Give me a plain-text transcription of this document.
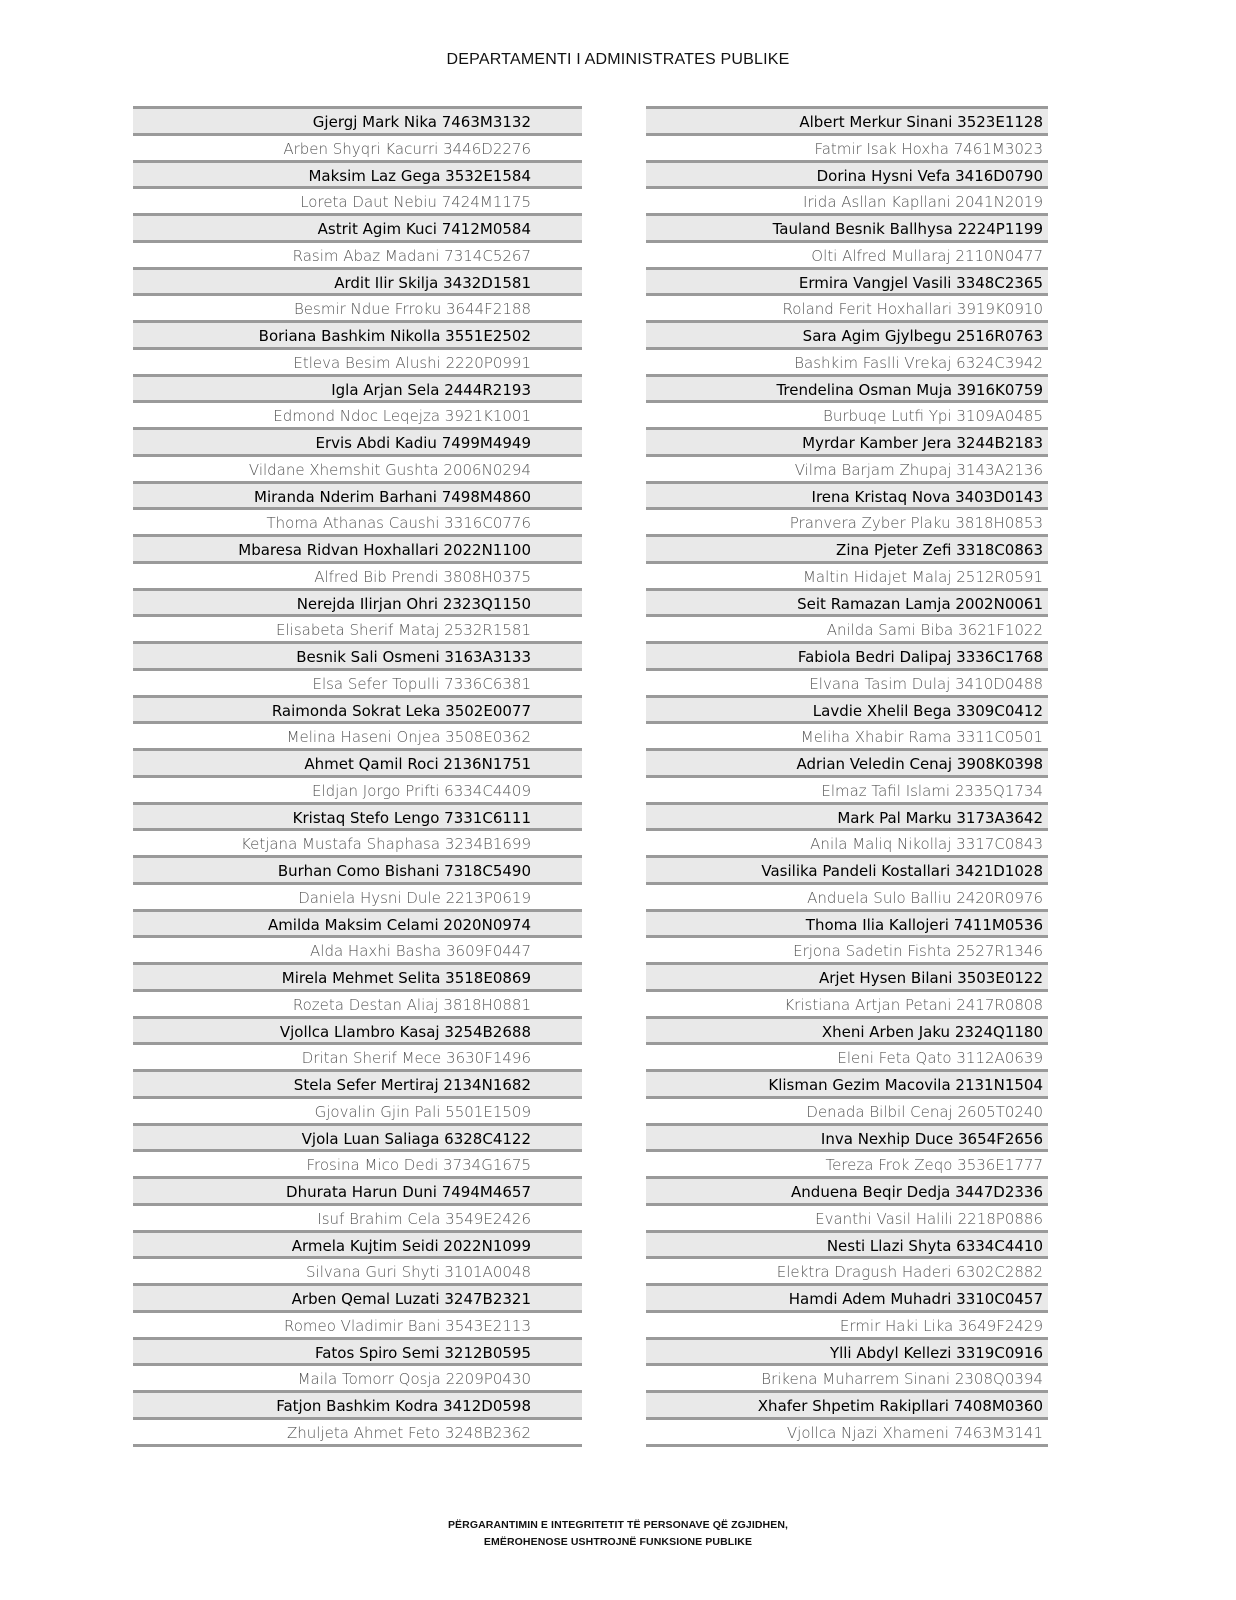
DEPARTAMENTI I ADMINISTRATES PUBLIKE
Gjergj Mark Nika 7463M3132
Arben Shyqri Kacurri 3446D2276
Maksim Laz Gega 3532E1584
Loreta Daut Nebiu 7424M1175
Astrit Agim Kuci 7412M0584
Rasim Abaz Madani 7314C5267
Ardit Ilir Skilja 3432D1581
Besmir Ndue Frroku 3644F2188
Boriana Bashkim Nikolla 3551E2502
Etleva Besim Alushi 2220P0991
Igla Arjan Sela 2444R2193
Edmond Ndoc Leqejza 3921K1001
Ervis Abdi Kadiu 7499M4949
Vildane Xhemshit Gushta 2006N0294
Miranda Nderim Barhani 7498M4860
Thoma Athanas Caushi 3316C0776
Mbaresa Ridvan Hoxhallari 2022N1100
Alfred Bib Prendi 3808H0375
Nerejda Ilirjan Ohri 2323Q1150
Elisabeta Sherif Mataj 2532R1581
Besnik Sali Osmeni 3163A3133
Elsa Sefer Topulli 7336C6381
Raimonda Sokrat Leka 3502E0077
Melina Haseni Onjea 3508E0362
Ahmet Qamil Roci 2136N1751
Eldjan Jorgo Prifti 6334C4409
Kristaq Stefo Lengo 7331C6111
Ketjana Mustafa Shaphasa 3234B1699
Burhan Como Bishani 7318C5490
Daniela Hysni Dule 2213P0619
Amilda Maksim Celami 2020N0974
Alda Haxhi Basha 3609F0447
Mirela Mehmet Selita 3518E0869
Rozeta Destan Aliaj 3818H0881
Vjollca Llambro Kasaj 3254B2688
Dritan Sherif Mece 3630F1496
Stela Sefer Mertiraj 2134N1682
Gjovalin Gjin Pali 5501E1509
Vjola Luan Saliaga 6328C4122
Frosina Mico Dedi 3734G1675
Dhurata Harun Duni 7494M4657
Isuf Brahim Cela 3549E2426
Armela Kujtim Seidi 2022N1099
Silvana Guri Shyti 3101A0048
Arben Qemal Luzati 3247B2321
Romeo Vladimir Bani 3543E2113
Fatos Spiro Semi 3212B0595
Maila Tomorr Qosja 2209P0430
Fatjon Bashkim Kodra 3412D0598
Zhuljeta Ahmet Feto 3248B2362
Albert Merkur Sinani 3523E1128
Fatmir Isak Hoxha 7461M3023
Dorina Hysni Vefa 3416D0790
Irida Asllan Kapllani 2041N2019
Tauland Besnik Ballhysa 2224P1199
Olti Alfred Mullaraj 2110N0477
Ermira Vangjel Vasili 3348C2365
Roland Ferit Hoxhallari 3919K0910
Sara Agim Gjylbegu 2516R0763
Bashkim Faslli Vrekaj 6324C3942
Trendelina Osman Muja 3916K0759
Burbuqe Lutfi Ypi 3109A0485
Myrdar Kamber Jera 3244B2183
Vilma Barjam Zhupaj 3143A2136
Irena Kristaq Nova 3403D0143
Pranvera Zyber Plaku 3818H0853
Zina Pjeter Zefi 3318C0863
Maltin Hidajet Malaj 2512R0591
Seit Ramazan Lamja 2002N0061
Anilda Sami Biba 3621F1022
Fabiola Bedri Dalipaj 3336C1768
Elvana Tasim Dulaj 3410D0488
Lavdie Xhelil Bega 3309C0412
Meliha Xhabir Rama 3311C0501
Adrian Veledin Cenaj 3908K0398
Elmaz Tafil Islami 2335Q1734
Mark Pal Marku 3173A3642
Anila Maliq Nikollaj 3317C0843
Vasilika Pandeli Kostallari 3421D1028
Anduela Sulo Balliu 2420R0976
Thoma Ilia Kallojeri 7411M0536
Erjona Sadetin Fishta 2527R1346
Arjet Hysen Bilani 3503E0122
Kristiana Artjan Petani 2417R0808
Xheni Arben Jaku 2324Q1180
Eleni Feta Qato 3112A0639
Klisman Gezim Macovila 2131N1504
Denada Bilbil Cenaj 2605T0240
Inva Nexhip Duce 3654F2656
Tereza Frok Zeqo 3536E1777
Anduena Beqir Dedja 3447D2336
Evanthi Vasil Halili 2218P0886
Nesti Llazi Shyta 6334C4410
Elektra Dragush Haderi 6302C2882
Hamdi Adem Muhadri 3310C0457
Ermir Haki Lika 3649F2429
Ylli Abdyl Kellezi 3319C0916
Brikena Muharrem Sinani 2308Q0394
Xhafer Shpetim Rakipllari 7408M0360
Vjollca Njazi Xhameni 7463M3141
PËRGARANTIMIN E INTEGRITETIT TË PERSONAVE QË ZGJIDHEN,
EMËROHENOSE USHTROJNË FUNKSIONE PUBLIKE
